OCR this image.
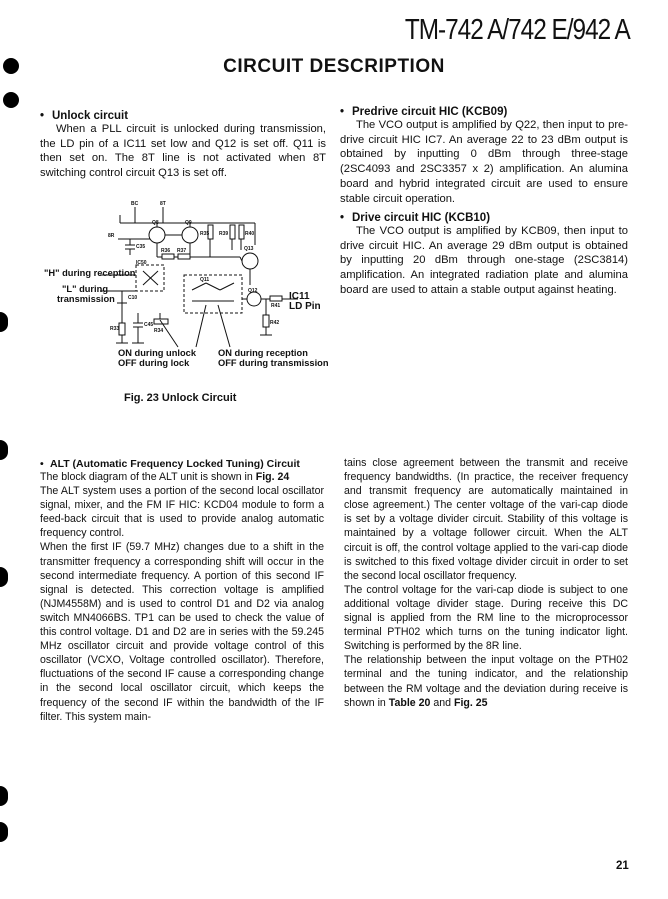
TM-742 A/742 E/942 A
CIRCUIT DESCRIPTION
• Unlock circuit
When a PLL circuit is unlocked during transmission, the LD pin of a IC11 set low and Q12 is set off. Q11 is then set on. The 8T line is not activated when 8T switching control circuit Q13 is set off.
• Predrive circuit HIC (KCB09)
The VCO output is amplified by Q22, then input to pre-drive circuit HIC IC7. An average 22 to 23 dBm output is obtained by inputting 0 dBm through three-stage (2SC4093 and 2SC3357 x 2) amplification. An alumina board and hybrid integrated circuit are used to ensure stable circuit operation.
• Drive circuit HIC (KCB10)
The VCO output is amplified by KCB09, then input to drive circuit HIC. An average 29 dBm output is obtained by inputting 20 dBm through one-stage (2SC3814) amplification. An integrated radiation plate and alumina board are used to attain a stable output against heating.
BC	8T
8R
Q8	Q9
R35 R39	R40
C35
R36 R37	Q13
IC50
C10
Q11
Q12
R41
R33
C45
R34
R42
"H" during reception
"L" during
transmission	IC11
LD Pin
ON during unlock
OFF during lock
ON during reception
OFF during transmission
Fig. 23 Unlock Circuit
• ALT (Automatic Frequency Locked Tuning) Circuit
The block diagram of the ALT unit is shown in Fig. 24
The ALT system uses a portion of the second local oscillator signal, mixer, and the FM IF HIC: KCD04 module to form a feed-back circuit that is used to provide analog automatic frequency control.
When the first IF (59.7 MHz) changes due to a shift in the transmitter frequency a corresponding shift will occur in the second intermediate frequency. A portion of this second IF signal is detected. This correction voltage is amplified (NJM4558M) and is used to control D1 and D2 via analog switch MN4066BS. TP1 can be used to check the value of this control voltage. D1 and D2 are in series with the 59.245 MHz oscillator circuit and provide voltage control of this oscillator (VCXO, Voltage controlled oscillator). Therefore, fluctuations of the second IF cause a corresponding change in the second local oscillator circuit, which keeps the frequency of the second IF within the bandwidth of the IF filter. This system main-
tains close agreement between the transmit and receive frequency bandwidths. (In practice, the receiver frequency and transmit frequency are automatically maintained in close agreement.) The center voltage of the vari-cap diode is set by a voltage divider circuit. Stability of this voltage is maintained by a voltage follower circuit. When the ALT circuit is off, the control voltage applied to the vari-cap diode is switched to this fixed voltage divider circuit in order to set the second local oscillator frequency.
The control voltage for the vari-cap diode is subject to one additional voltage divider stage. During receive this DC signal is applied from the RM line to the microprocessor terminal PTH02 which turns on the tuning indicator light. Switching is performed by the 8R line.
The relationship between the input voltage on the PTH02 terminal and the tuning indicator, and the relationship between the RM voltage and the deviation during receive is shown in Table 20 and Fig. 25
21
